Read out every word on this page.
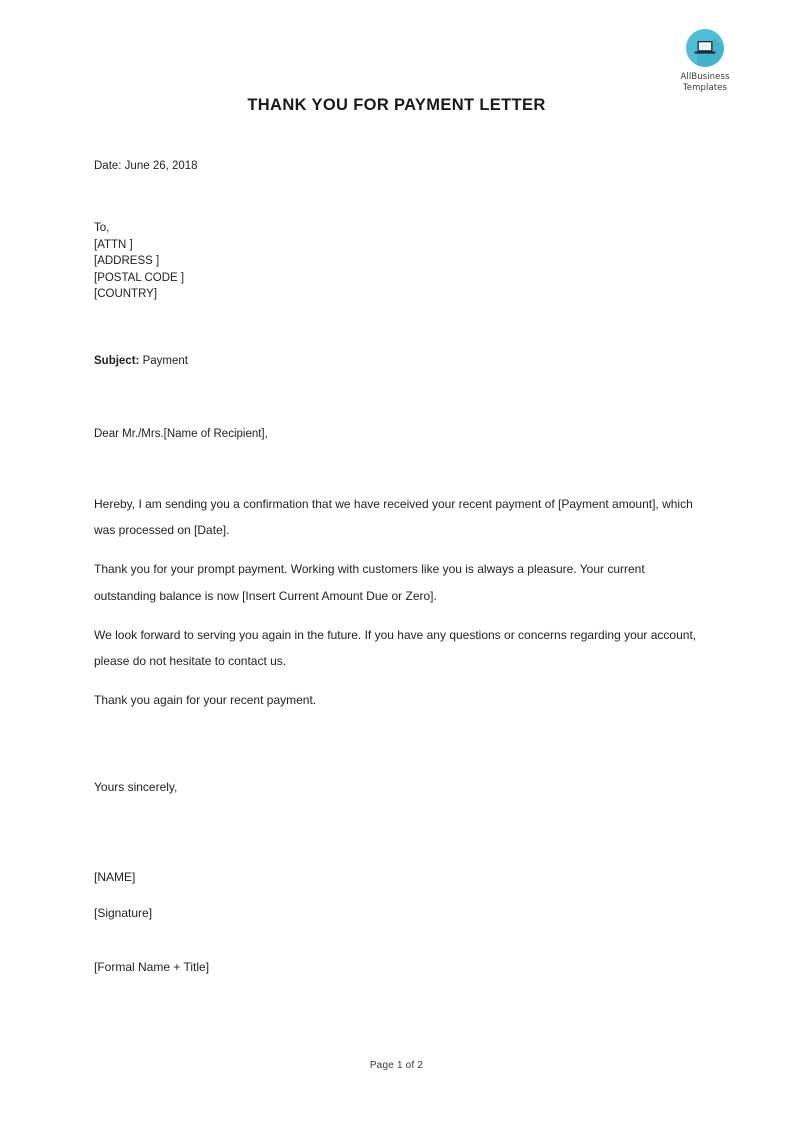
AllBusiness
Templates
THANK YOU FOR PAYMENT LETTER
Date: June 26, 2018
To,
[ATTN ]
[ADDRESS ]
[POSTAL CODE ]
[COUNTRY]
Subject: Payment
Dear Mr./Mrs.[Name of Recipient],
Hereby, I am sending you a confirmation that we have received your recent payment of [Payment amount], which was processed on [Date].
Thank you for your prompt payment. Working with customers like you is always a pleasure. Your current outstanding balance is now [Insert Current Amount Due or Zero].
We look forward to serving you again in the future. If you have any questions or concerns regarding your account, please do not hesitate to contact us.
Thank you again for your recent payment.
Yours sincerely,
[NAME]
[Signature]
[Formal Name + Title]
Page 1 of 2
